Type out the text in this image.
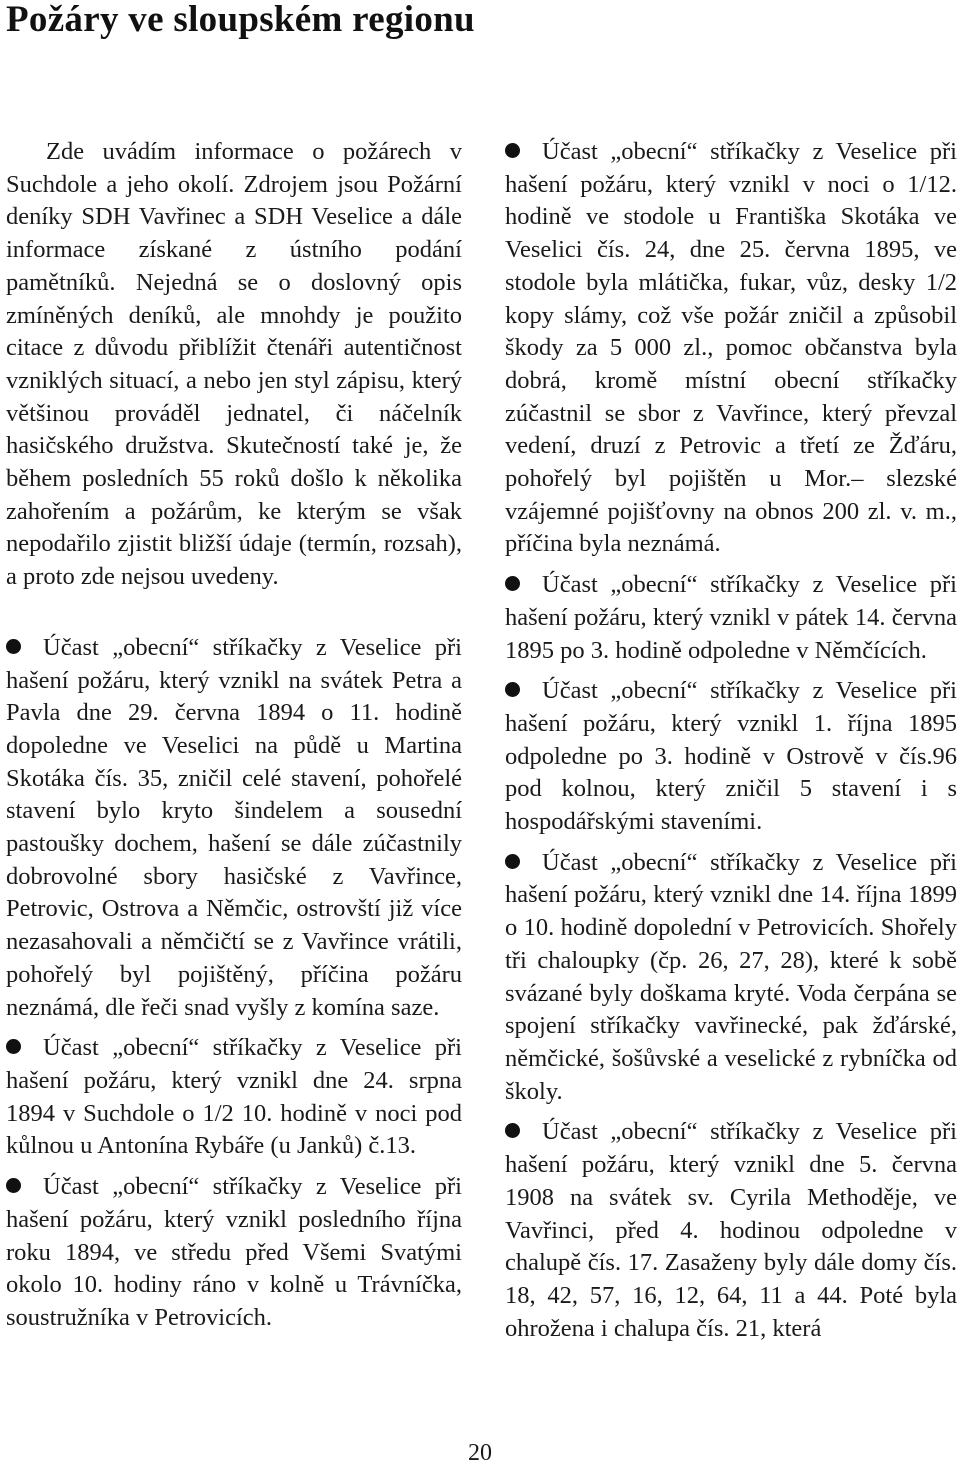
Požáry ve sloupském regionu

Zde uvádím informace o požárech v Suchdole a jeho okolí. Zdrojem jsou Požární deníky SDH Vavřinec a SDH Veselice a dále informace získané z ústního podání pamětníků. Nejedná se o doslovný opis zmíněných deníků, ale mnohdy je použito citace z důvodu přiblížit čtenáři autentičnost vzniklých situací, a nebo jen styl zápisu, který většinou prováděl jednatel, či náčelník hasičského družstva. Skutečností také je, že během posledních 55 roků došlo k několika zahořením a požárům, ke kterým se však nepodařilo zjistit bližší údaje (termín, rozsah), a proto zde nejsou uvedeny.

Účast „obecní“ stříkačky z Veselice při hašení požáru, který vznikl na svátek Petra a Pavla dne 29. června 1894 o 11. hodině dopoledne ve Veselici na půdě u Martina Skotáka čís. 35, zničil celé stavení, pohořelé stavení bylo kryto šindelem a sousední pastoušky dochem, hašení se dále zúčastnily dobrovolné sbory hasičské z Vavřince, Petrovic, Ostrova a Němčic, ostrovští již více nezasahovali a němčičtí se z Vavřince vrátili, pohořelý byl pojištěný, příčina požáru neznámá, dle řeči snad vyšly z komína saze.

Účast „obecní“ stříkačky z Veselice při hašení požáru, který vznikl dne 24. srpna 1894 v Suchdole o 1/2 10. hodině v noci pod kůlnou u Antonína Rybáře (u Janků) č.13.

Účast „obecní“ stříkačky z Veselice při hašení požáru, který vznikl posledního října roku 1894, ve středu před Všemi Svatými okolo 10. hodiny ráno v kolně u Trávníčka, soustružníka v Petrovicích.

Účast „obecní“ stříkačky z Veselice při hašení požáru, který vznikl v noci o 1/12. hodině ve stodole u Františka Skotáka ve Veselici čís. 24, dne 25. června 1895, ve stodole byla mlátička, fukar, vůz, desky 1/2 kopy slámy, což vše požár zničil a způsobil škody za 5 000 zl., pomoc občanstva byla dobrá, kromě místní obecní stříkačky zúčastnil se sbor z Vavřince, který převzal vedení, druzí z Petrovic a třetí ze Žďáru, pohořelý byl pojištěn u Mor.– slezské vzájemné pojišťovny na obnos 200 zl. v. m., příčina byla neznámá.

Účast „obecní“ stříkačky z Veselice při hašení požáru, který vznikl v pátek 14. června 1895 po 3. hodině odpoledne v Němčících.

Účast „obecní“ stříkačky z Veselice při hašení požáru, který vznikl 1. října 1895 odpoledne po 3. hodině v Ostrově v čís.96 pod kolnou, který zničil 5 stavení i s hospodářskými staveními.

Účast „obecní“ stříkačky z Veselice při hašení požáru, který vznikl dne 14. října 1899 o 10. hodině dopolední v Petrovicích. Shořely tři chaloupky (čp. 26, 27, 28), které k sobě svázané byly doškama kryté. Voda čerpána se spojení stříkačky vavřinecké, pak žďárské, němčické, šošůvské a veselické z rybníčka od školy.

Účast „obecní“ stříkačky z Veselice při hašení požáru, který vznikl dne 5. června 1908 na svátek sv. Cyrila Methoděje, ve Vavřinci, před 4. hodinou odpoledne v chalupě čís. 17. Zasaženy byly dále domy čís. 18, 42, 57, 16, 12, 64, 11 a 44. Poté byla ohrožena i chalupa čís. 21, která

20
